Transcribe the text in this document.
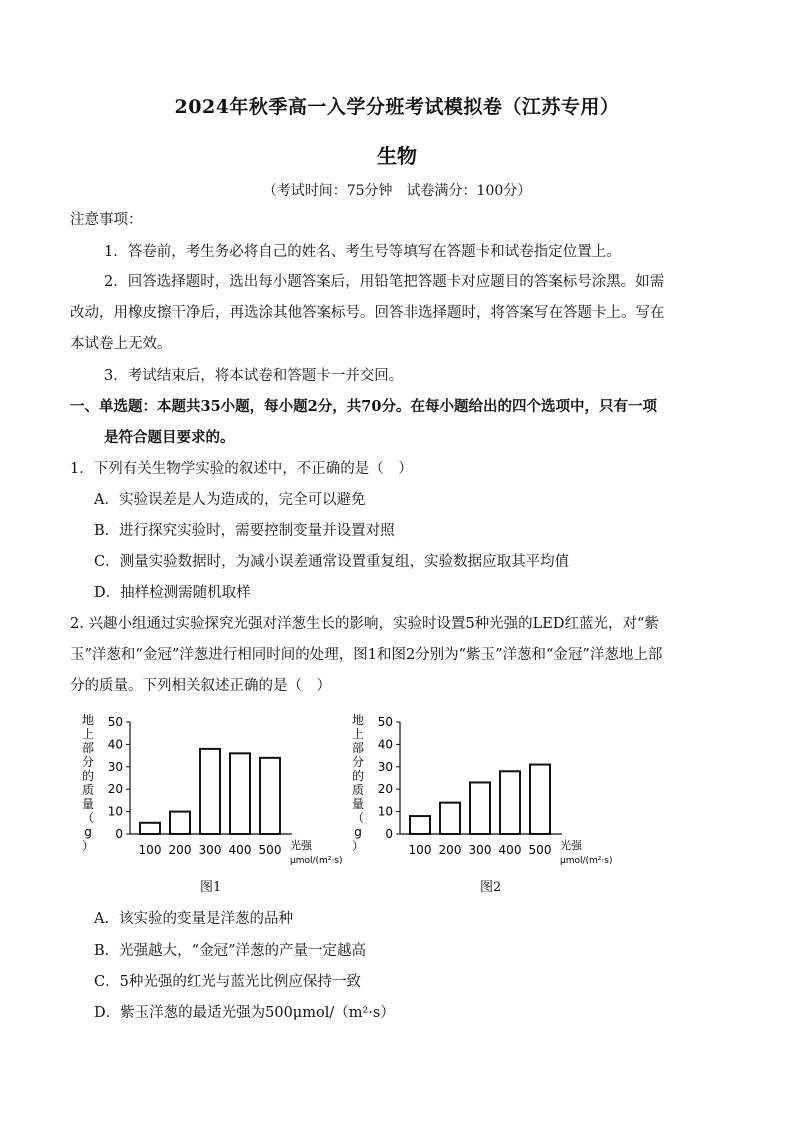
2024年秋季高一入学分班考试模拟卷（江苏专用）
生物
（考试时间：75分钟　试卷满分：100分）
注意事项：
1．答卷前，考生务必将自己的姓名、考生号等填写在答题卡和试卷指定位置上。
2．回答选择题时，选出每小题答案后，用铅笔把答题卡对应题目的答案标号涂黑。如需
改动，用橡皮擦干净后，再选涂其他答案标号。回答非选择题时，将答案写在答题卡上。写在
本试卷上无效。
3．考试结束后，将本试卷和答题卡一并交回。
一、单选题：本题共35小题，每小题2分，共70分。在每小题给出的四个选项中，只有一项
是符合题目要求的。
1．下列有关生物学实验的叙述中，不正确的是（　）
A．实验误差是人为造成的，完全可以避免
B．进行探究实验时，需要控制变量并设置对照
C．测量实验数据时，为减小误差通常设置重复组，实验数据应取其平均值
D．抽样检测需随机取样
2. 兴趣小组通过实验探究光强对洋葱生长的影响，实验时设置5种光强的LED红蓝光，对“紫
玉”洋葱和“金冠”洋葱进行相同时间的处理，图1和图2分别为“紫玉”洋葱和“金冠”洋葱地上部
分的质量。下列相关叙述正确的是（　）
地上部分的质量（ g ）
0
10
20
30
40
50
100 200 300 400 500 光强
μmol/(m²·s)
地上部分的质量（ g ）
0
10
20
30
40
50
100 200 300 400 500 光强
μmol/(m²·s)
图1	图2
A．该实验的变量是洋葱的品种
B．光强越大，“金冠”洋葱的产量一定越高
C．5种光强的红光与蓝光比例应保持一致
D．紫玉洋葱的最适光强为500μmol/（m²·s）
